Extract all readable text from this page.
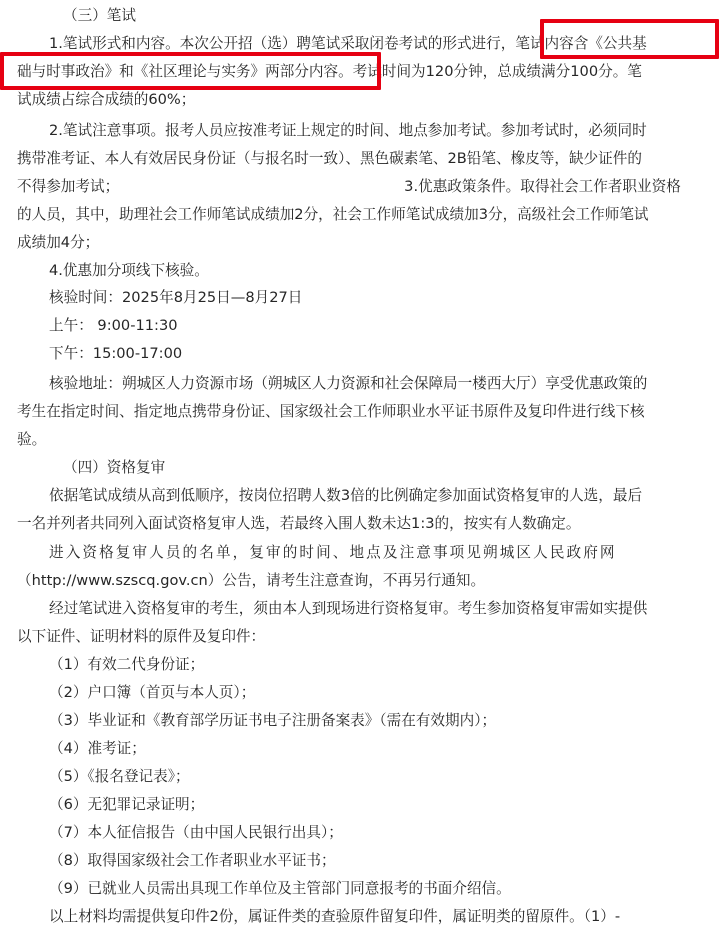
（三）笔试
1.笔试形式和内容。本次公开招（选）聘笔试采取闭卷考试的形式进行，笔试内容含《公共基
础与时事政治》和《社区理论与实务》两部分内容。考试时间为120分钟，总成绩满分100分。笔
试成绩占综合成绩的60%；
2.笔试注意事项。报考人员应按准考证上规定的时间、地点参加考试。参加考试时，必须同时
携带准考证、本人有效居民身份证（与报名时一致）、黑色碳素笔、2B铅笔、橡皮等，缺少证件的
不得参加考试；	3.优惠政策条件。取得社会工作者职业资格
的人员，其中，助理社会工作师笔试成绩加2分，社会工作师笔试成绩加3分，高级社会工作师笔试
成绩加4分；
4.优惠加分项线下核验。
核验时间：2025年8月25日—8月27日
上午： 9:00-11:30
下午：15:00-17:00
核验地址：朔城区人力资源市场（朔城区人力资源和社会保障局一楼西大厅）享受优惠政策的
考生在指定时间、指定地点携带身份证、国家级社会工作师职业水平证书原件及复印件进行线下核
验。
（四）资格复审
依据笔试成绩从高到低顺序，按岗位招聘人数3倍的比例确定参加面试资格复审的人选，最后
一名并列者共同列入面试资格复审人选，若最终入围人数未达1:3的，按实有人数确定。
进入资格复审人员的名单，复审的时间、地点及注意事项见朔城区人民政府网
（http://www.szscq.gov.cn）公告，请考生注意查询，不再另行通知。
经过笔试进入资格复审的考生，须由本人到现场进行资格复审。考生参加资格复审需如实提供
以下证件、证明材料的原件及复印件：
（1）有效二代身份证；
（2）户口簿（首页与本人页）；
（3）毕业证和《教育部学历证书电子注册备案表》（需在有效期内）；
（4）准考证；
（5）《报名登记表》；
（6）无犯罪记录证明；
（7）本人征信报告（由中国人民银行出具）；
（8）取得国家级社会工作者职业水平证书；
（9）已就业人员需出具现工作单位及主管部门同意报考的书面介绍信。
以上材料均需提供复印件2份，属证件类的查验原件留复印件，属证明类的留原件。（1）-
